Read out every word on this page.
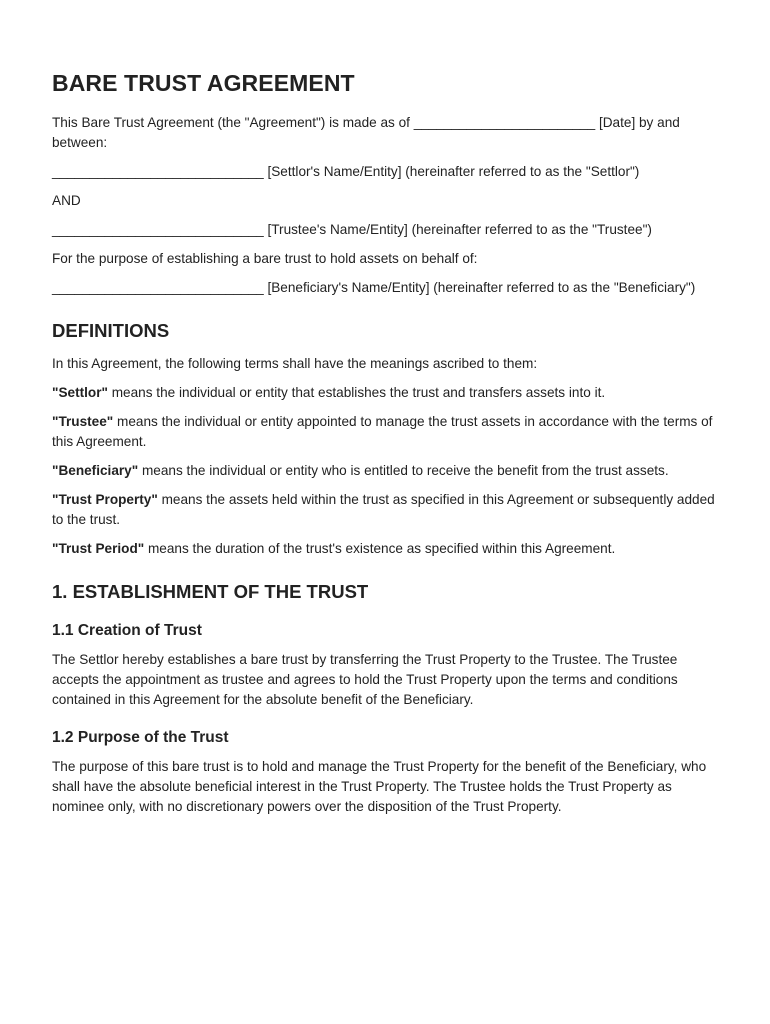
BARE TRUST AGREEMENT

This Bare Trust Agreement (the "Agreement") is made as of ________________________ [Date] by and between:

____________________________ [Settlor's Name/Entity] (hereinafter referred to as the "Settlor")

AND

____________________________ [Trustee's Name/Entity] (hereinafter referred to as the "Trustee")

For the purpose of establishing a bare trust to hold assets on behalf of:

____________________________ [Beneficiary's Name/Entity] (hereinafter referred to as the "Beneficiary")

DEFINITIONS

In this Agreement, the following terms shall have the meanings ascribed to them:

"Settlor" means the individual or entity that establishes the trust and transfers assets into it.

"Trustee" means the individual or entity appointed to manage the trust assets in accordance with the terms of this Agreement.

"Beneficiary" means the individual or entity who is entitled to receive the benefit from the trust assets.

"Trust Property" means the assets held within the trust as specified in this Agreement or subsequently added to the trust.

"Trust Period" means the duration of the trust's existence as specified within this Agreement.

1. ESTABLISHMENT OF THE TRUST
1.1 Creation of Trust

The Settlor hereby establishes a bare trust by transferring the Trust Property to the Trustee. The Trustee accepts the appointment as trustee and agrees to hold the Trust Property upon the terms and conditions contained in this Agreement for the absolute benefit of the Beneficiary.

1.2 Purpose of the Trust

The purpose of this bare trust is to hold and manage the Trust Property for the benefit of the Beneficiary, who shall have the absolute beneficial interest in the Trust Property. The Trustee holds the Trust Property as nominee only, with no discretionary powers over the disposition of the Trust Property.
